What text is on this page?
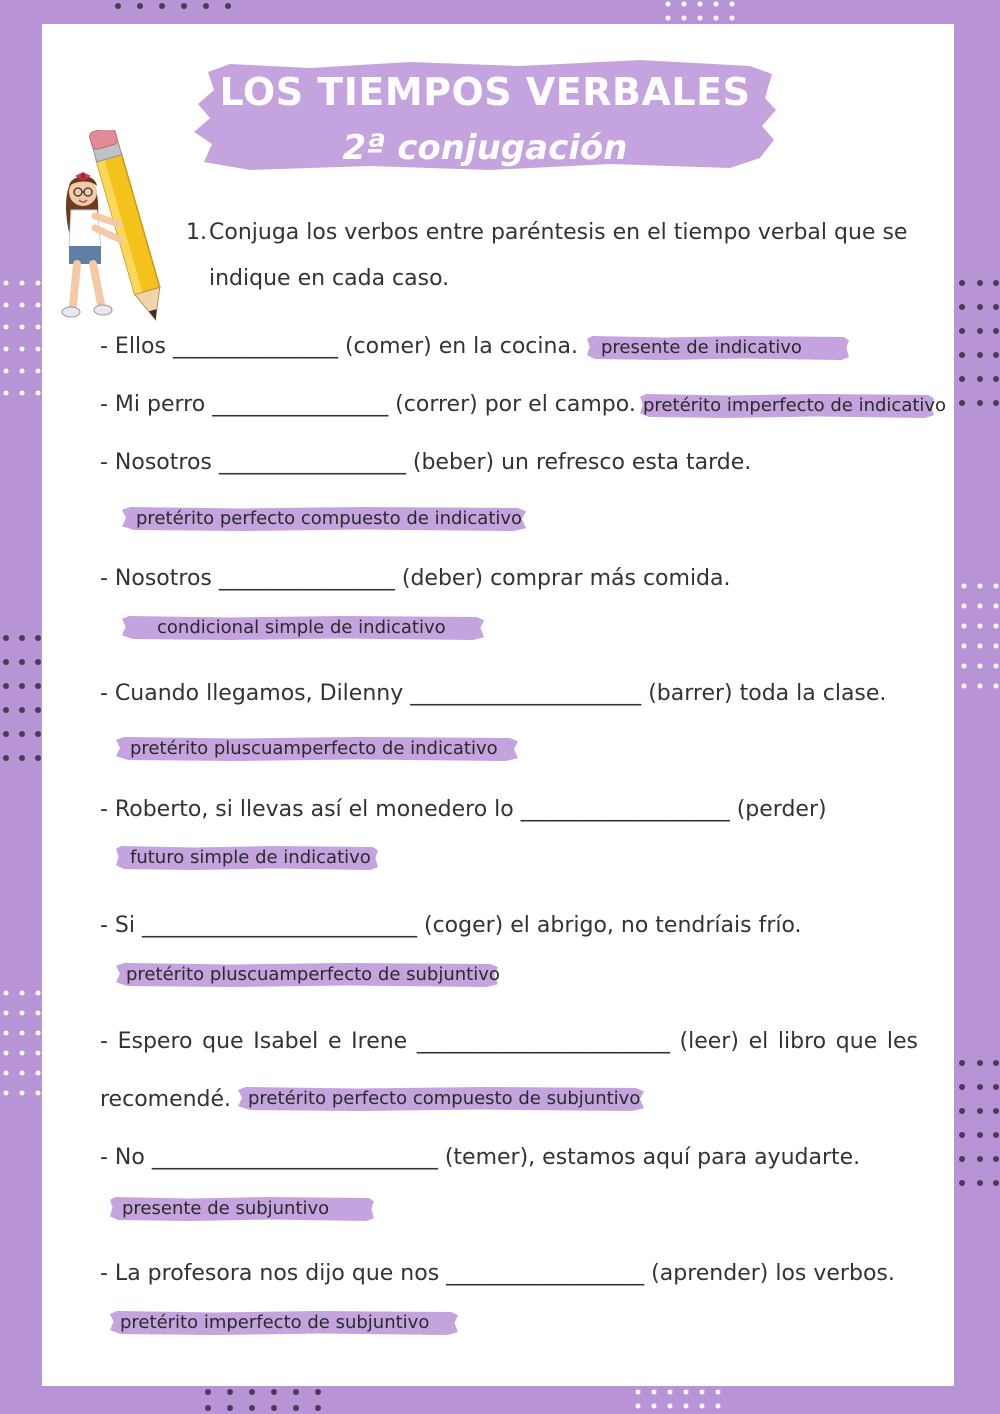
LOS TIEMPOS VERBALES
2ª conjugación
1. Conjuga los verbos entre paréntesis en el tiempo verbal que se indique en cada caso.
- Ellos _______________ (comer) en la cocina.	presente de indicativo
- Mi perro ________________ (correr) por el campo. pretérito imperfecto de indicativo
- Nosotros _________________ (beber) un refresco esta tarde.
pretérito perfecto compuesto de indicativo
- Nosotros ________________ (deber) comprar más comida.
condicional simple de indicativo
- Cuando llegamos, Dilenny _____________________ (barrer) toda la clase.
pretérito pluscuamperfecto de indicativo
- Roberto, si llevas así el monedero lo ___________________ (perder)
futuro simple de indicativo
- Si _________________________ (coger) el abrigo, no tendríais frío.
pretérito pluscuamperfecto de subjuntivo
- Espero que Isabel e Irene _______________________ (leer) el libro que les
recomendé. pretérito perfecto compuesto de subjuntivo
- No __________________________ (temer), estamos aquí para ayudarte.
presente de subjuntivo
- La profesora nos dijo que nos __________________ (aprender) los verbos.
pretérito imperfecto de subjuntivo
